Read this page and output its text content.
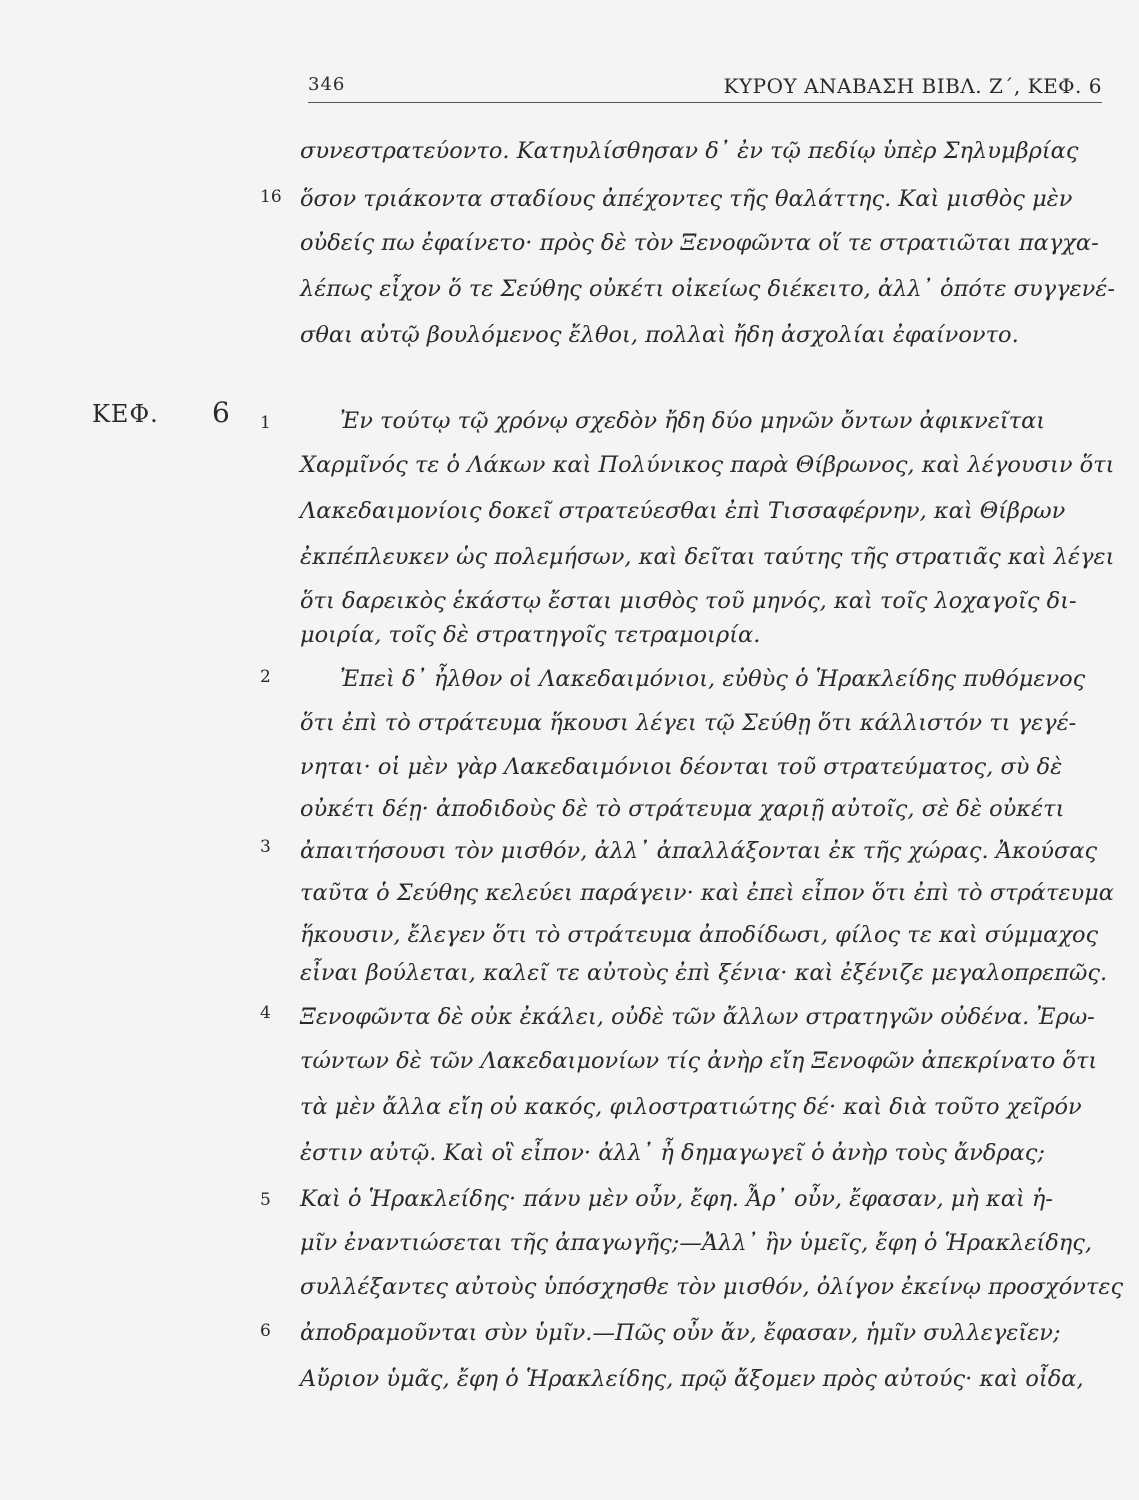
346	ΚΥΡΟΥ ΑΝΑΒΑΣΗ ΒΙΒΛ. Ζ΄, ΚΕΦ. 6
ΚΕΦ. 6
16
1
2
3
4
5
6
συνεστρατεύοντο. Κατηυλίσθησαν δ᾽ ἐν τῷ πεδίῳ ὑπὲρ Σηλυμβρίας
ὅσον τριάκοντα σταδίους ἀπέχοντες τῆς θαλάττης. Καὶ μισθὸς μὲν
οὐδείς πω ἐφαίνετο· πρὸς δὲ τὸν Ξενοφῶντα οἵ τε στρατιῶται παγχα-
λέπως εἶχον ὅ τε Σεύθης οὐκέτι οἰκείως διέκειτο, ἀλλ᾽ ὁπότε συγγενέ-
σθαι αὐτῷ βουλόμενος ἔλθοι, πολλαὶ ἤδη ἀσχολίαι ἐφαίνοντο.
Ἐν τούτῳ τῷ χρόνῳ σχεδὸν ἤδη δύο μηνῶν ὄντων ἀφικνεῖται
Χαρμῖνός τε ὁ Λάκων καὶ Πολύνικος παρὰ Θίβρωνος, καὶ λέγουσιν ὅτι
Λακεδαιμονίοις δοκεῖ στρατεύεσθαι ἐπὶ Τισσαφέρνην, καὶ Θίβρων
ἐκπέπλευκεν ὡς πολεμήσων, καὶ δεῖται ταύτης τῆς στρατιᾶς καὶ λέγει
ὅτι δαρεικὸς ἑκάστῳ ἔσται μισθὸς τοῦ μηνός, καὶ τοῖς λοχαγοῖς δι-
μοιρία, τοῖς δὲ στρατηγοῖς τετραμοιρία.
Ἐπεὶ δ᾽ ἦλθον οἱ Λακεδαιμόνιοι, εὐθὺς ὁ Ἡρακλείδης πυθόμενος
ὅτι ἐπὶ τὸ στράτευμα ἥκουσι λέγει τῷ Σεύθῃ ὅτι κάλλιστόν τι γεγέ-
νηται· οἱ μὲν γὰρ Λακεδαιμόνιοι δέονται τοῦ στρατεύματος, σὺ δὲ
οὐκέτι δέῃ· ἀποδιδοὺς δὲ τὸ στράτευμα χαριῇ αὐτοῖς, σὲ δὲ οὐκέτι
ἀπαιτήσουσι τὸν μισθόν, ἀλλ᾽ ἀπαλλάξονται ἐκ τῆς χώρας. Ἀκούσας
ταῦτα ὁ Σεύθης κελεύει παράγειν· καὶ ἐπεὶ εἶπον ὅτι ἐπὶ τὸ στράτευμα
ἥκουσιν, ἔλεγεν ὅτι τὸ στράτευμα ἀποδίδωσι, φίλος τε καὶ σύμμαχος
εἶναι βούλεται, καλεῖ τε αὐτοὺς ἐπὶ ξένια· καὶ ἐξένιζε μεγαλοπρεπῶς.
Ξενοφῶντα δὲ οὐκ ἐκάλει, οὐδὲ τῶν ἄλλων στρατηγῶν οὐδένα. Ἐρω-
τώντων δὲ τῶν Λακεδαιμονίων τίς ἀνὴρ εἴη Ξενοφῶν ἀπεκρίνατο ὅτι
τὰ μὲν ἄλλα εἴη οὐ κακός, φιλοστρατιώτης δέ· καὶ διὰ τοῦτο χεῖρόν
ἐστιν αὐτῷ. Καὶ οἳ εἶπον· ἀλλ᾽ ἦ δημαγωγεῖ ὁ ἀνὴρ τοὺς ἄνδρας;
Καὶ ὁ Ἡρακλείδης· πάνυ μὲν οὖν, ἔφη. Ἆρ᾽ οὖν, ἔφασαν, μὴ καὶ ἡ-
μῖν ἐναντιώσεται τῆς ἀπαγωγῆς;—Ἀλλ᾽ ἢν ὑμεῖς, ἔφη ὁ Ἡρακλείδης,
συλλέξαντες αὐτοὺς ὑπόσχησθε τὸν μισθόν, ὀλίγον ἐκείνῳ προσχόντες
ἀποδραμοῦνται σὺν ὑμῖν.—Πῶς οὖν ἄν, ἔφασαν, ἡμῖν συλλεγεῖεν;
Αὔριον ὑμᾶς, ἔφη ὁ Ἡρακλείδης, πρῷ ἄξομεν πρὸς αὐτούς· καὶ οἶδα,
